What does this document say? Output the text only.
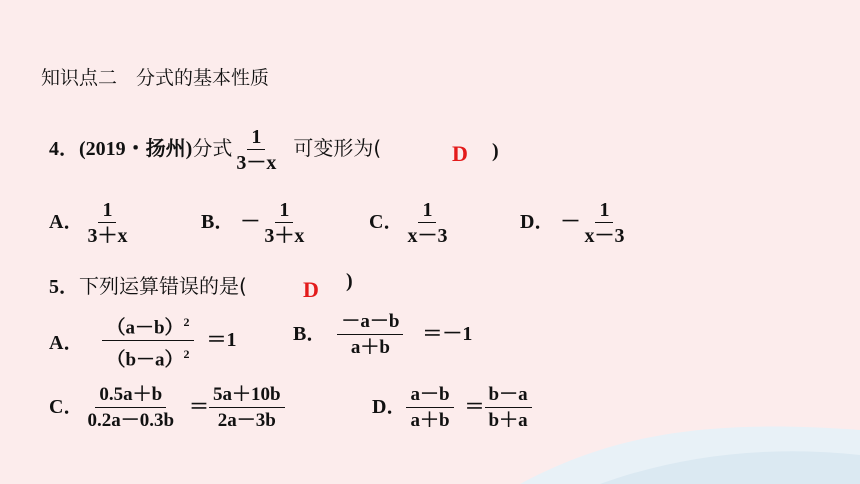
知识点二　分式的基本性质
4．(2019・扬州)分式 $\frac{1}{3-x}$ 可变形为(	D )
A． $\frac{1}{3+x}$	B． － $\frac{1}{3+x}$	C． $\frac{1}{x-3}$	D． － $\frac{1}{x-3}$
5．下列运算错误的是(	D )
A． $\frac{(a-b)^2}{(b-a)^2} =1$	B． $\frac{-a-b}{a+b} =-1$
C． $\frac{0.5a+b}{0.2a-0.3b} = \frac{5a+10b}{2a-3b}$	D． $\frac{a-b}{a+b} = \frac{b-a}{b+a}$
